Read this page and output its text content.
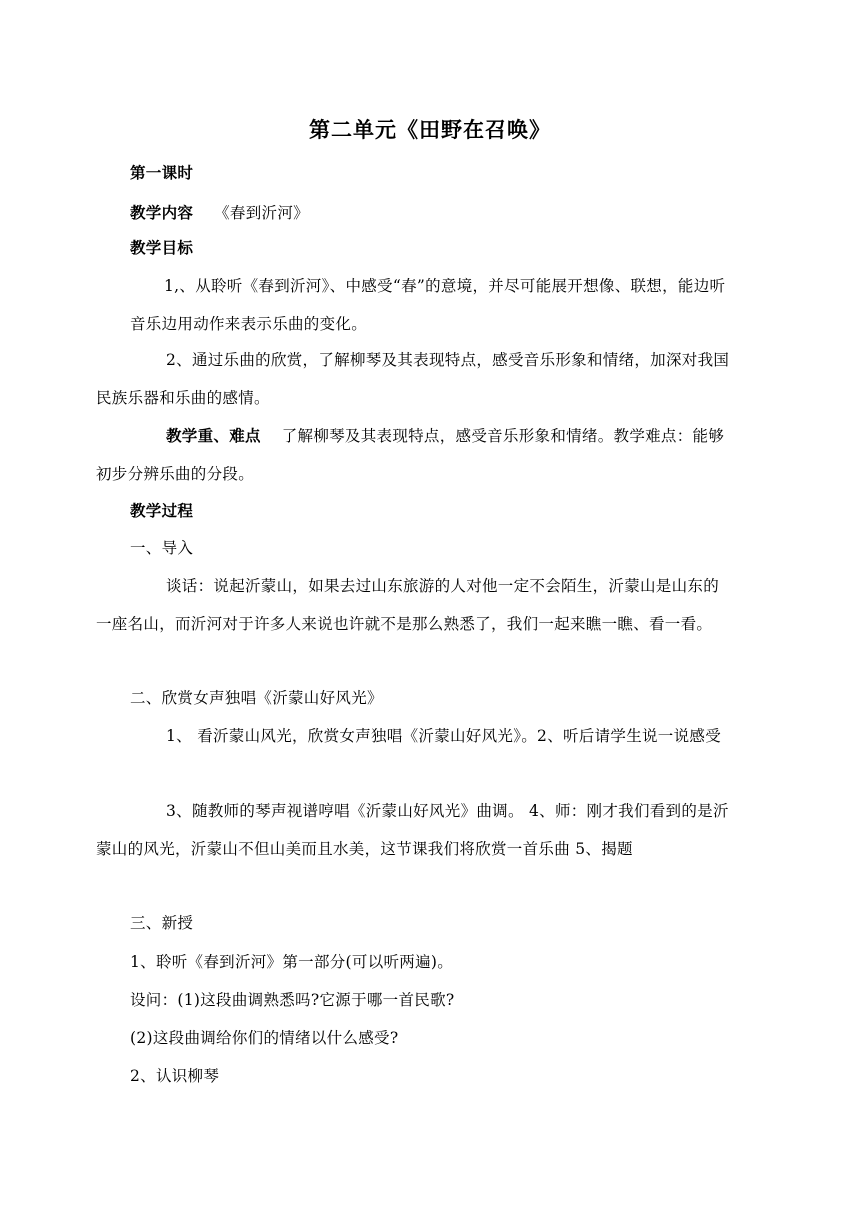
第二单元《田野在召唤》
第一课时
教学内容 《春到沂河》
教学目标
1,、从聆听《春到沂河》、中感受“春”的意境，并尽可能展开想像、联想，能边听音乐边用动作来表示乐曲的变化。
2、通过乐曲的欣赏，了解柳琴及其表现特点，感受音乐形象和情绪，加深对我国民族乐器和乐曲的感情。
教学重、难点 了解柳琴及其表现特点，感受音乐形象和情绪。教学难点：能够初步分辨乐曲的分段。
教学过程
一、导入
谈话：说起沂蒙山，如果去过山东旅游的人对他一定不会陌生，沂蒙山是山东的一座名山，而沂河对于许多人来说也许就不是那么熟悉了，我们一起来瞧一瞧、看一看。
二、欣赏女声独唱《沂蒙山好风光》
1、 看沂蒙山风光，欣赏女声独唱《沂蒙山好风光》。2、听后请学生说一说感受
3、随教师的琴声视谱哼唱《沂蒙山好风光》曲调。 4、师：刚才我们看到的是沂蒙山的风光，沂蒙山不但山美而且水美，这节课我们将欣赏一首乐曲 5、揭题
三、新授
1、聆听《春到沂河》第一部分(可以听两遍)。
设问：(1)这段曲调熟悉吗?它源于哪一首民歌?
(2)这段曲调给你们的情绪以什么感受?
2、认识柳琴
